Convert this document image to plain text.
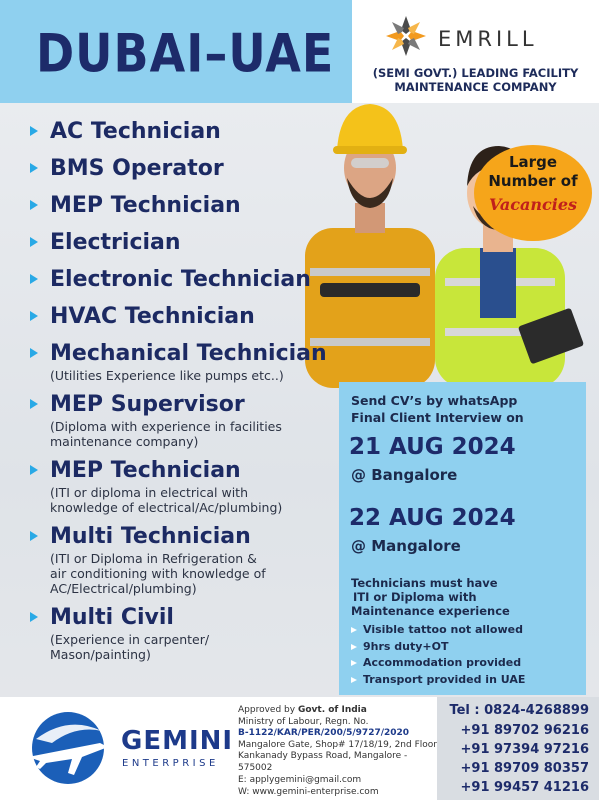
DUBAI–UAE	EMRILL
(SEMI GOVT.) LEADING FACILITY
MAINTENANCE COMPANY
Large
Number of
Vacancies
AC Technician
BMS Operator
MEP Technician
Electrician
Electronic Technician
HVAC Technician
Mechanical Technician
(Utilities Experience like pumps etc..)
MEP Supervisor
(Diploma with experience in facilities
maintenance company)
MEP Technician
(ITI or diploma in electrical with
knowledge of electrical/Ac/plumbing)
Multi Technician
(ITI or Diploma in Refrigeration &
air conditioning with knowledge of
AC/Electrical/plumbing)
Multi Civil
(Experience in carpenter/
Mason/painting)
Send CV’s by whatsApp
Final Client Interview on
21 AUG 2024
@ Bangalore
22 AUG 2024
@ Mangalore
Technicians must have
ITI or Diploma with
Maintenance experience
Visible tattoo not allowed
9hrs duty+OT
Accommodation provided
Transport provided in UAE
GEMINI
ENTERPRISE
Approved by Govt. of India
Ministry of Labour, Regn. No.
B-1122/KAR/PER/200/5/9727/2020
Mangalore Gate, Shop# 17/18/19, 2nd Floor
Kankanady Bypass Road, Mangalore - 575002
E: applygemini@gmail.com
W: www.gemini-enterprise.com
Tel : 0824-4268899
+91 89702 96216
+91 97394 97216
+91 89709 80357
+91 99457 41216
